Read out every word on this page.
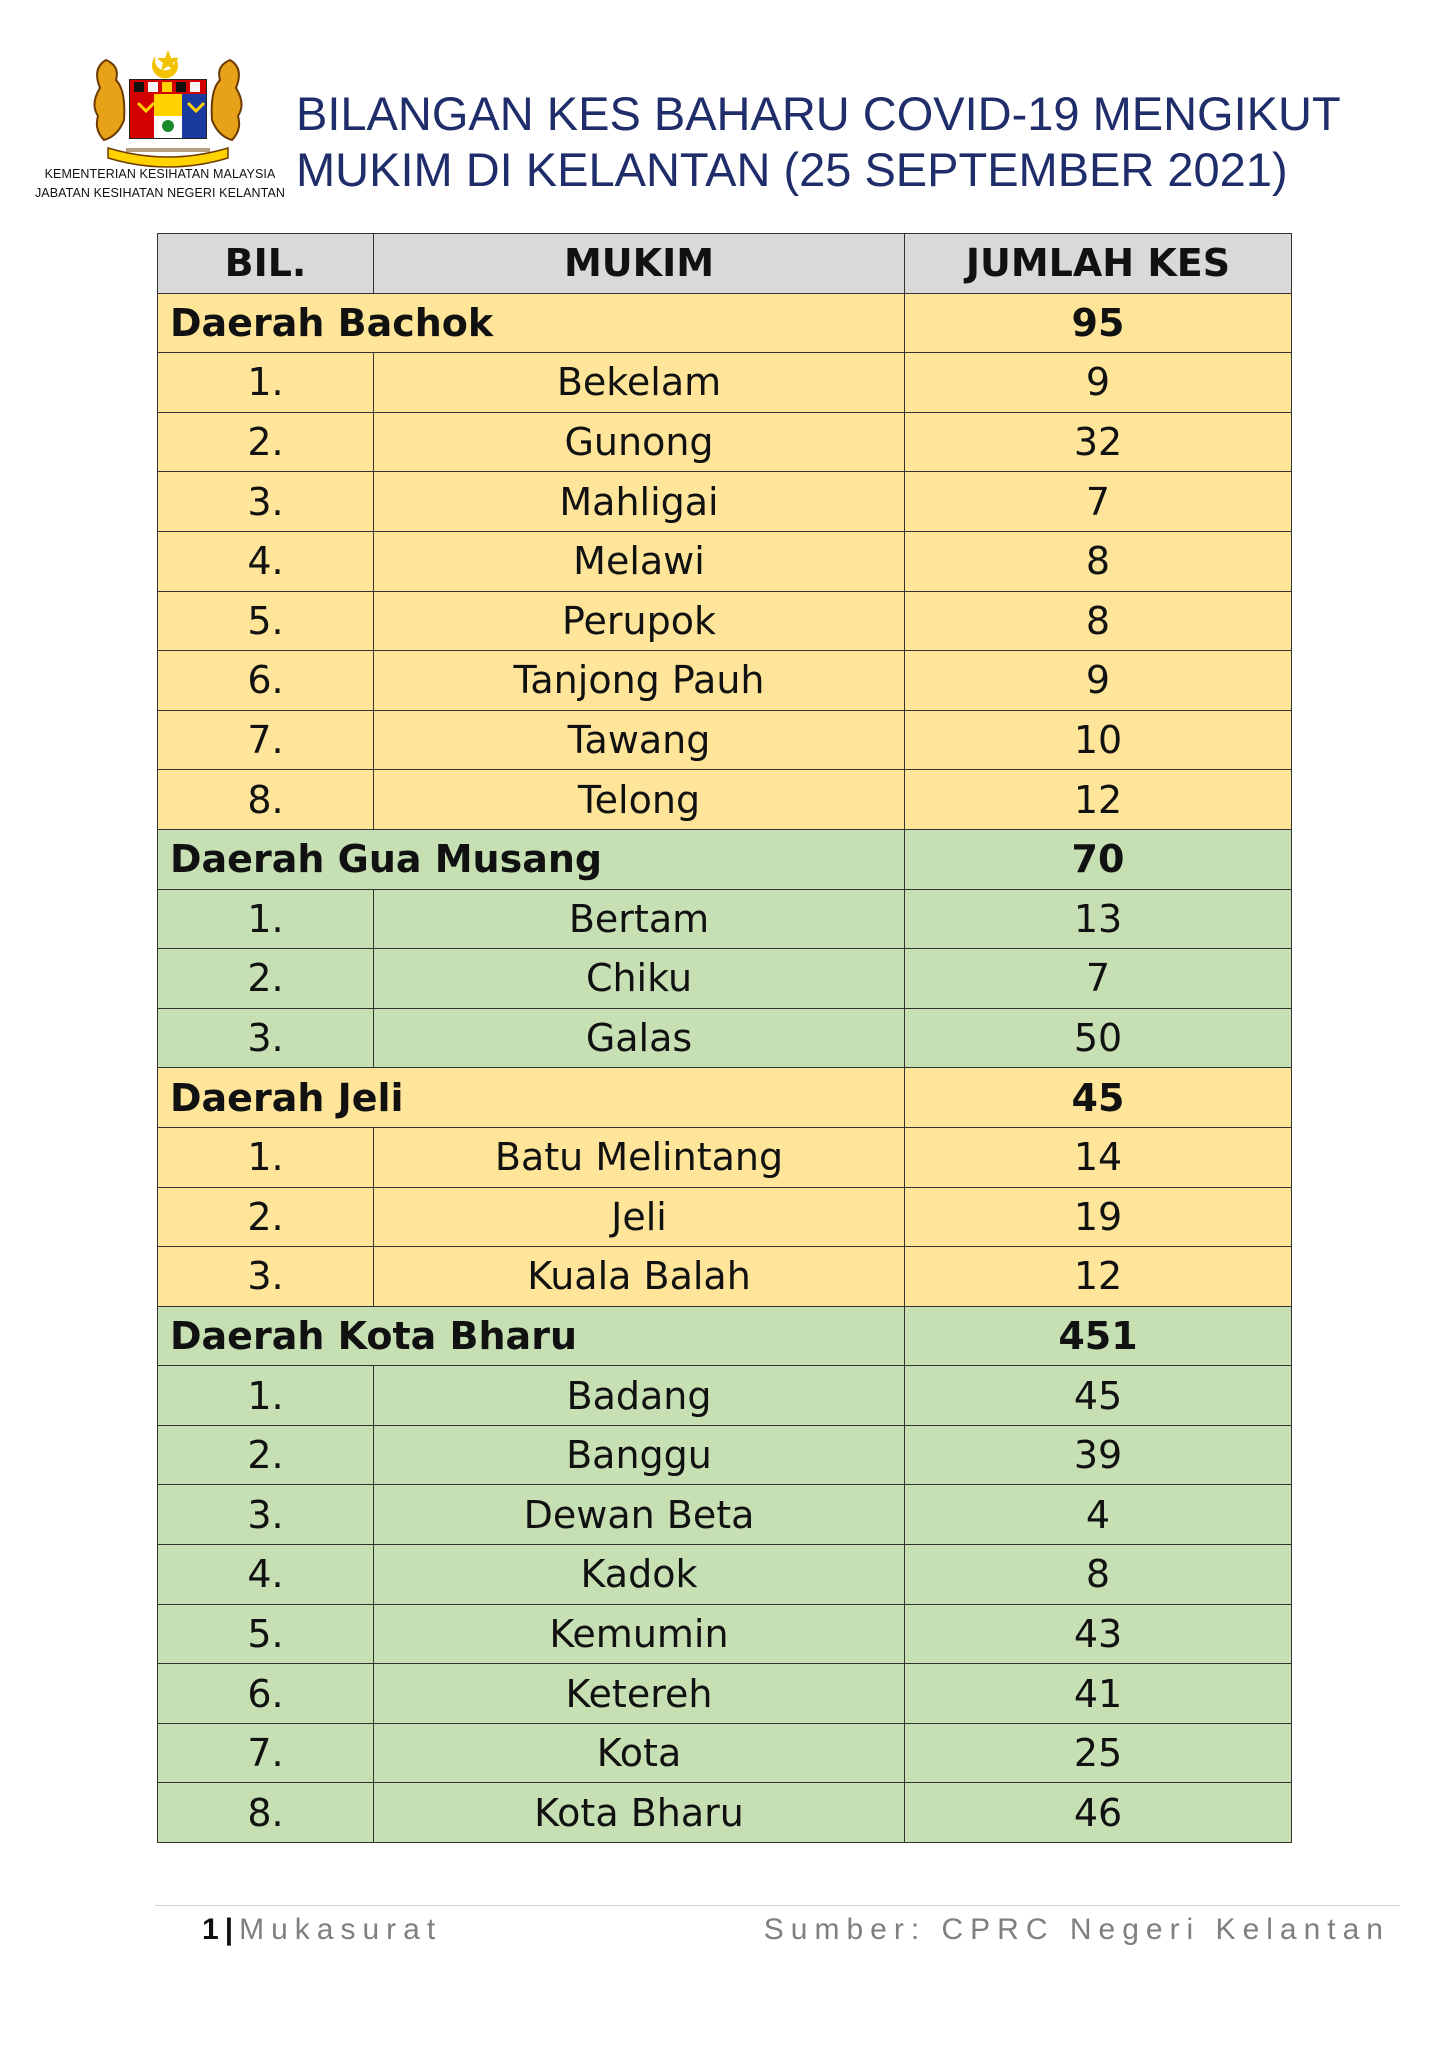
KEMENTERIAN KESIHATAN MALAYSIA
JABATAN KESIHATAN NEGERI KELANTAN
BILANGAN KES BAHARU COVID-19 MENGIKUT
MUKIM DI KELANTAN (25 SEPTEMBER 2021)
BIL.	MUKIM	JUMLAH KES
Daerah Bachok		95
1.	Bekelam	9
2.	Gunong	32
3.	Mahligai	7
4.	Melawi	8
5.	Perupok	8
6.	Tanjong Pauh	9
7.	Tawang	10
8.	Telong	12
Daerah Gua Musang		70
1.	Bertam	13
2.	Chiku	7
3.	Galas	50
Daerah Jeli		45
1.	Batu Melintang	14
2.	Jeli	19
3.	Kuala Balah	12
Daerah Kota Bharu		451
1.	Badang	45
2.	Banggu	39
3.	Dewan Beta	4
4.	Kadok	8
5.	Kemumin	43
6.	Ketereh	41
7.	Kota	25
8.	Kota Bharu	46
1 | Mukasurat	Sumber: CPRC Negeri Kelantan
